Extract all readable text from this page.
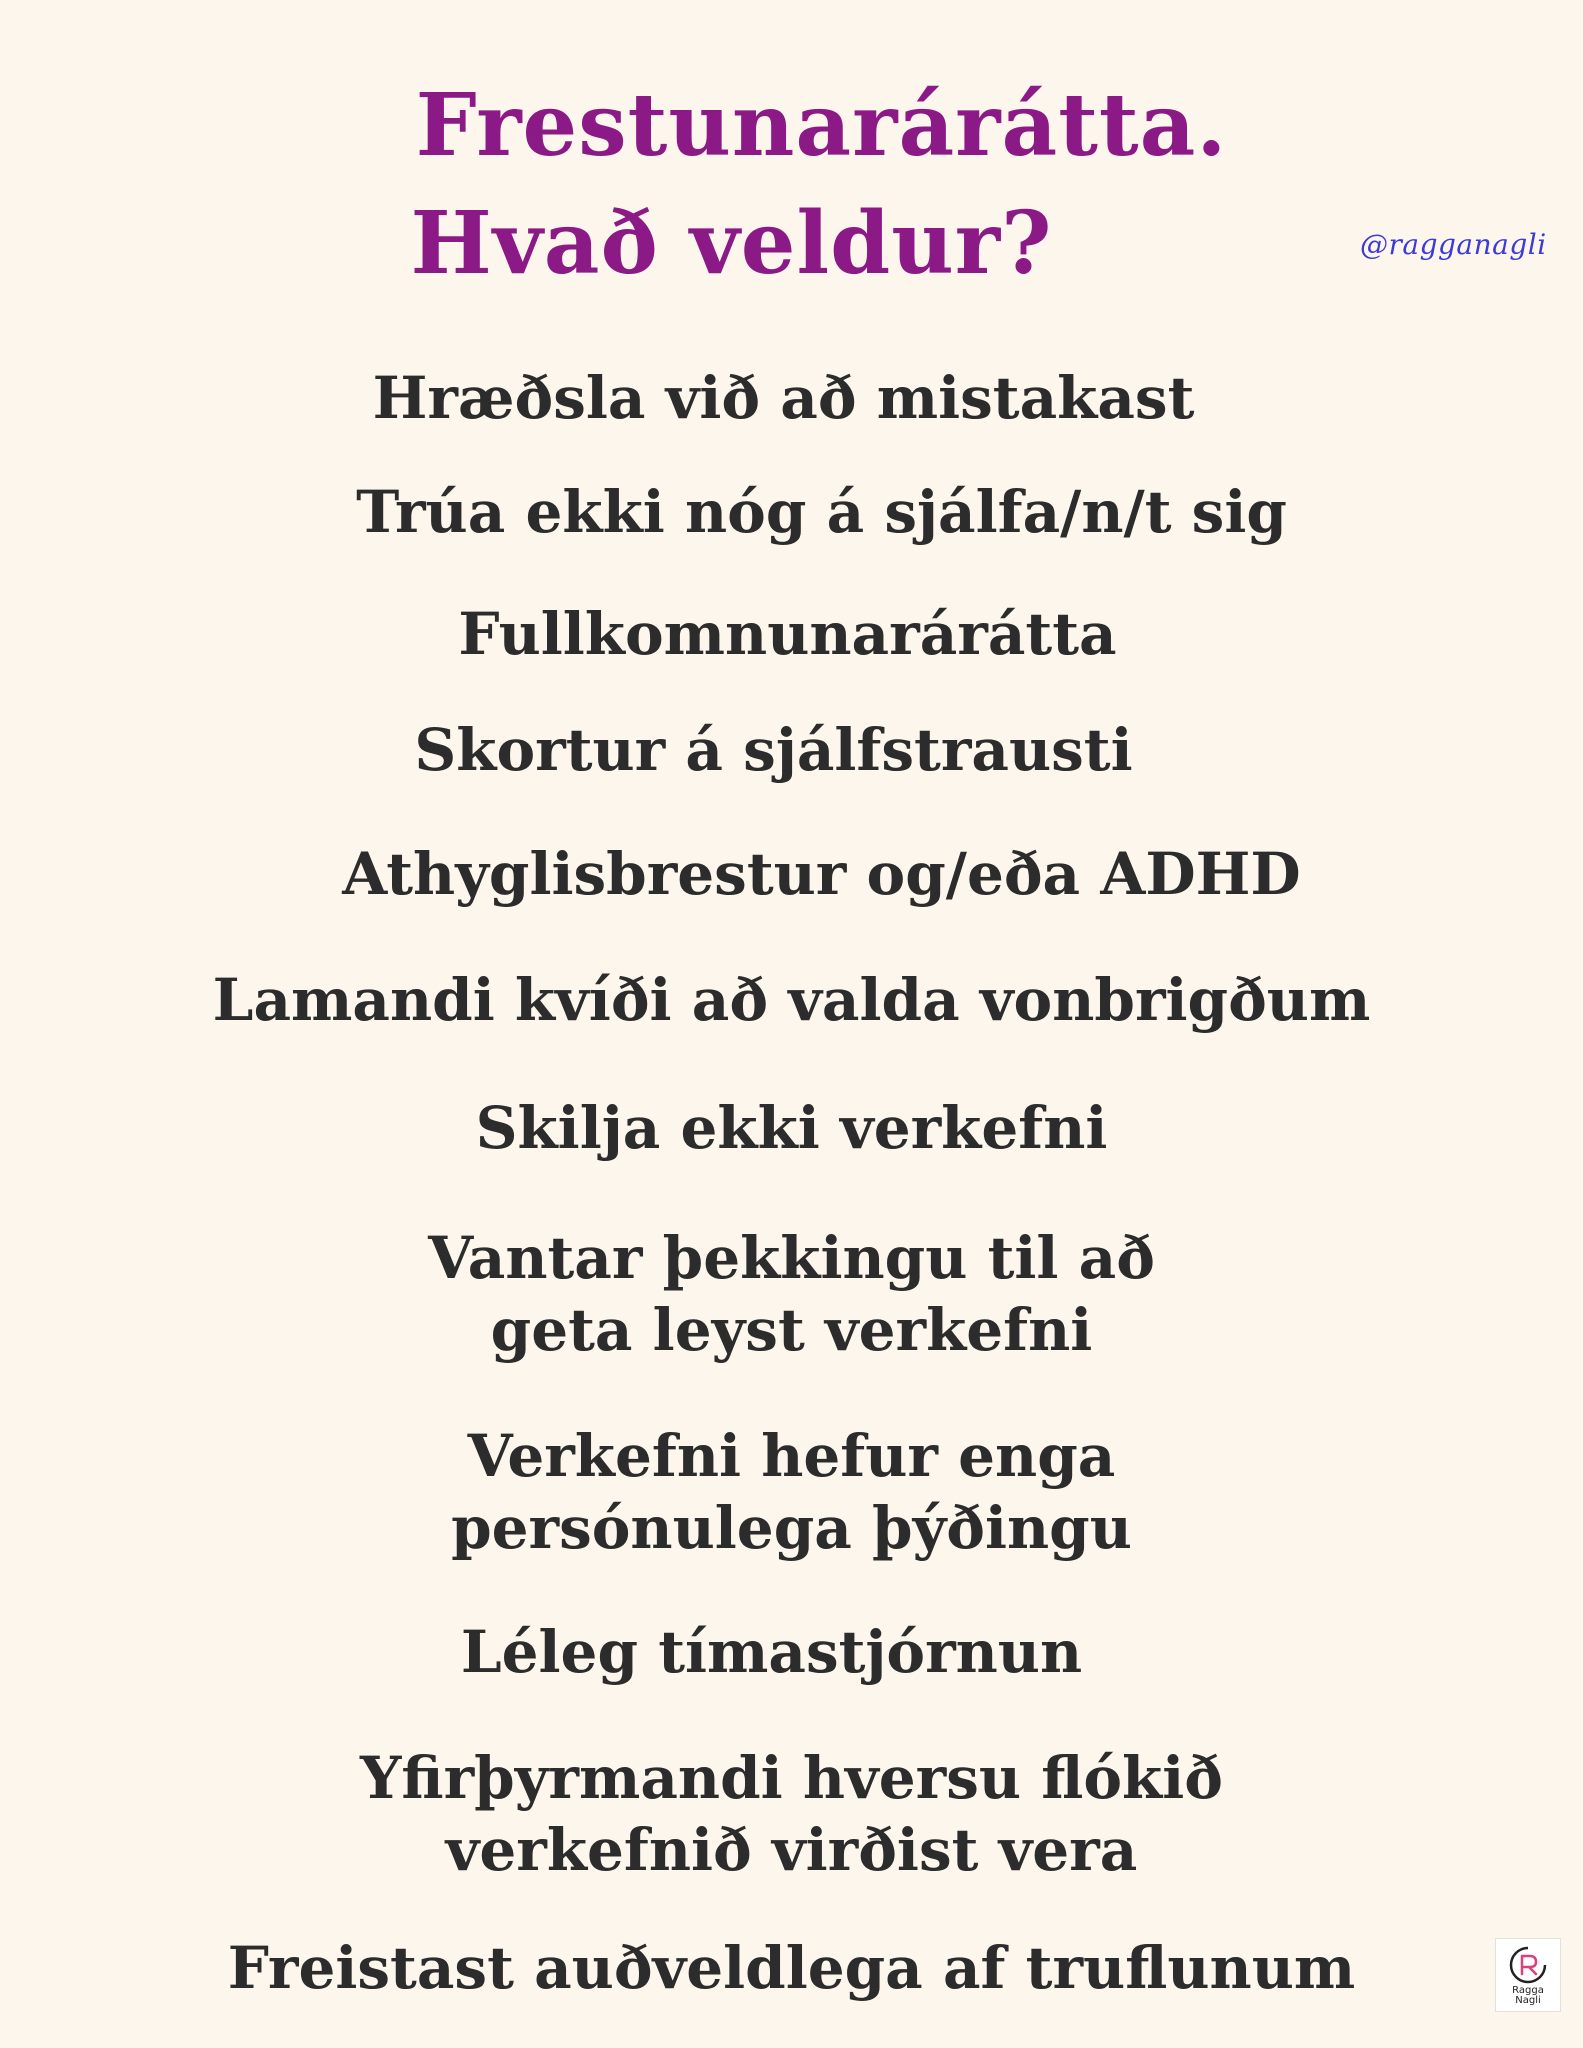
Frestunarárátta.
Hvað veldur?	@ragganagli
Hræðsla við að mistakast
Trúa ekki nóg á sjálfa/n/t sig
Fullkomnunarárátta
Skortur á sjálfstrausti
Athyglisbrestur og/eða ADHD
Lamandi kvíði að valda vonbrigðum
Skilja ekki verkefni
Vantar þekkingu til að
geta leyst verkefni
Verkefni hefur enga
persónulega þýðingu
Léleg tímastjórnun
Yfirþyrmandi hversu flókið
verkefnið virðist vera
Freistast auðveldlega af truflunum	Ragga
Nagli
